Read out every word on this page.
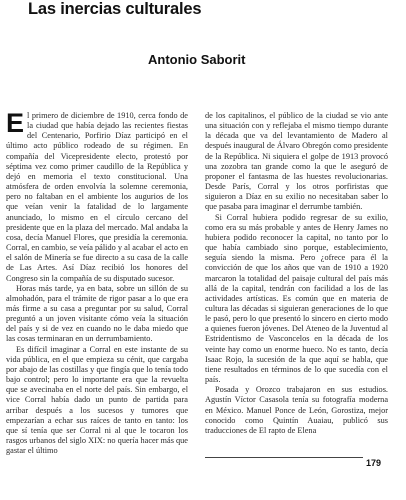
Las inercias culturales
Antonio Saborit

El primero de diciembre de 1910, cerca fondo de la ciudad que había dejado las recientes fiestas del Centenario, Porfirio Díaz participó en el último acto público rodeado de su régimen. En compañía del Vicepresidente electo, protestó por séptima vez como primer caudillo de la República y dejó en memoria el texto constitucional. Una atmósfera de orden envolvía la solemne ceremonia, pero no faltaban en el ambiente los augurios de los que veían venir la fatalidad de lo largamente anunciado, lo mismo en el círculo cercano del presidente que en la plaza del mercado. Mal andaba la cosa, decía Manuel Flores, que presidía la ceremonia. Corral, en cambio, se veía pálido y al acabar el acto en el salón de Minería se fue directo a su casa de la calle de Las Artes. Así Díaz recibió los honores del Congreso sin la compañía de su disputado sucesor.

Horas más tarde, ya en bata, sobre un sillón de su almohadón, para el trámite de rigor pasar a lo que era más firme a su casa a preguntar por su salud, Corral preguntó a un joven visitante cómo veía la situación del país y si de vez en cuando no le daba miedo que las cosas terminaran en un derrumbamiento.

Es difícil imaginar a Corral en este instante de su vida pública, en el que empieza su cénit, que cargaba por abajo de las costillas y que fingía que lo tenía todo bajo control; pero lo importante era que la revuelta que se avecinaba en el norte del país. Sin embargo, el vice Corral había dado un punto de partida para arribar después a los sucesos y tumores que empezarían a echar sus raíces de tanto en tanto: los que sí tenía que ser Corral ni al que le tocaron los rasgos urbanos del siglo XIX: no quería hacer más que gastar el último

de los capitalinos, el público de la ciudad se vio ante una situación con y reflejaba el mismo tiempo durante la década que va del levantamiento de Madero al después inaugural de Álvaro Obregón como presidente de la República. Ni siquiera el golpe de 1913 provocó una zozobra tan grande como la que le aseguró de proponer el fantasma de las huestes revolucionarias. Desde París, Corral y los otros porfiristas que siguieron a Díaz en su exilio no necesitaban saber lo que pasaba para imaginar el derrumbe también.

Si Corral hubiera podido regresar de su exilio, como era su más probable y antes de Henry James no hubiera podido reconocer la capital, no tanto por lo que había cambiado sino porque, establecimiento, seguía siendo la misma. Pero ¿ofrece para él la convicción de que los años que van de 1910 a 1920 marcaron la totalidad del paisaje cultural del país más allá de la capital, tendrán con facilidad a los de las actividades artísticas. Es común que en materia de cultura las décadas si siguieran generaciones de lo que le pasó, pero lo que presentó lo sincero en cierto modo a quienes fueron jóvenes. Del Ateneo de la Juventud al Estridentismo de Vasconcelos en la década de los veinte hay como un enorme hueco. No es tanto, decía Isaac Rojo, la sucesión de la que aquí se habla, que tiene resultados en términos de lo que sucedía con el país.

Posada y Orozco trabajaron en sus estudios. Agustín Víctor Casasola tenía su fotografía moderna en México. Manuel Ponce de León, Gorostiza, mejor conocido como Quintín Auaiau, publicó sus traducciones de El rapto de Elena

179
